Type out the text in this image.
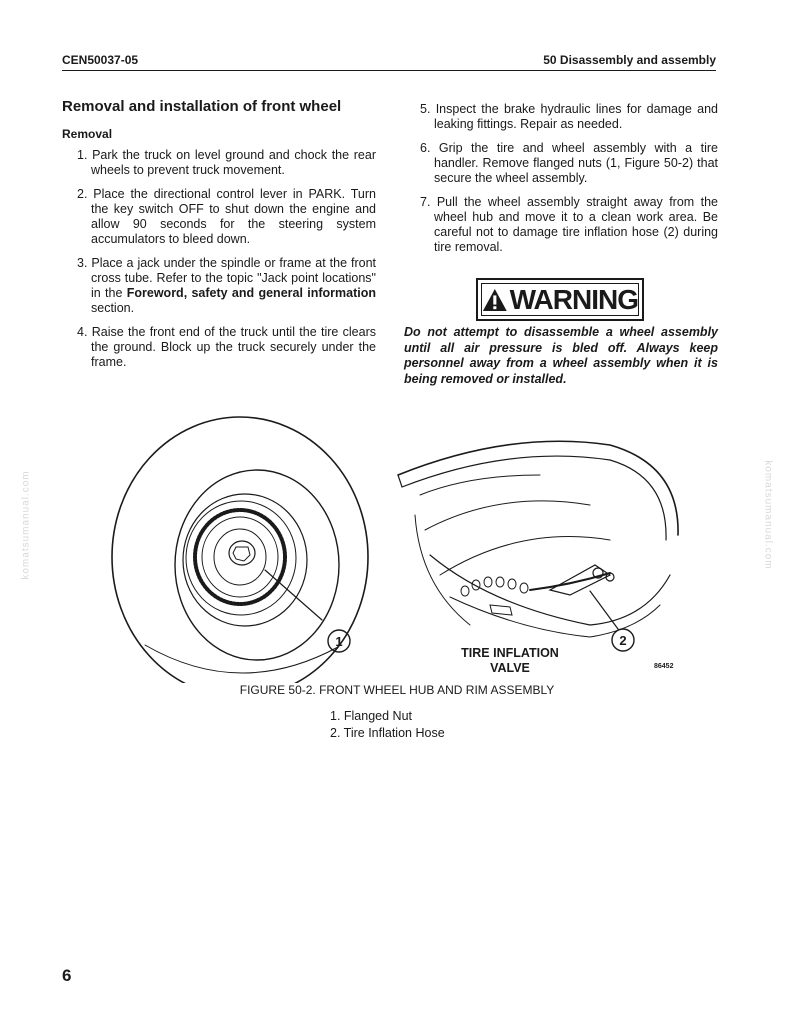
CEN50037-05	50 Disassembly and assembly
Removal and installation of front wheel
Removal
1. Park the truck on level ground and chock the rear wheels to prevent truck movement.
2. Place the directional control lever in PARK. Turn the key switch OFF to shut down the engine and allow 90 seconds for the steering system accumulators to bleed down.
3. Place a jack under the spindle or frame at the front cross tube. Refer to the topic "Jack point locations" in the Foreword, safety and general information section.
4. Raise the front end of the truck until the tire clears the ground. Block up the truck securely under the frame.
5. Inspect the brake hydraulic lines for damage and leaking fittings. Repair as needed.
6. Grip the tire and wheel assembly with a tire handler. Remove flanged nuts (1, Figure 50-2) that secure the wheel assembly.
7. Pull the wheel assembly straight away from the wheel hub and move it to a clean work area. Be careful not to damage tire inflation hose (2) during tire removal.
WARNING
Do not attempt to disassemble a wheel assembly until all air pressure is bled off. Always keep personnel away from a wheel assembly when it is being removed or installed.
1	2
TIRE INFLATION
VALVE	86452
FIGURE 50-2. FRONT WHEEL HUB AND RIM ASSEMBLY
1. Flanged Nut
2. Tire Inflation Hose
komatsumanual.com	komatsumanual.com
6
